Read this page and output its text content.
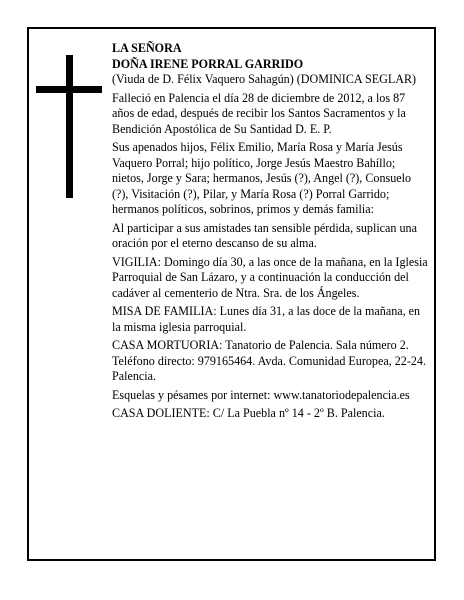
LA SEÑORA

DOÑA IRENE PORRAL GARRIDO

(Viuda de D. Félix Vaquero Sahagún) (DOMINICA SEGLAR)

Falleció en Palencia el día 28 de diciembre de 2012, a los 87 años de edad, después de recibir los Santos Sacramentos y la Bendición Apostólica de Su Santidad D. E. P.

Sus apenados hijos, Félix Emilio, María Rosa y María Jesús Vaquero Porral; hijo político, Jorge Jesús Maestro Bahíllo; nietos, Jorge y Sara; hermanos, Jesús (?), Angel (?), Consuelo (?), Visitación (?), Pilar, y María Rosa (?) Porral Garrido; hermanos políticos, sobrinos, primos y demás familia:

Al participar a sus amistades tan sensible pérdida, suplican una oración por el eterno descanso de su alma.

VIGILIA: Domingo día 30, a las once de la mañana, en la Iglesia Parroquial de San Lázaro, y a continuación la conducción del cadáver al cementerio de Ntra. Sra. de los Ángeles.

MISA DE FAMILIA: Lunes día 31, a las doce de la mañana, en la misma iglesia parroquial.

CASA MORTUORIA: Tanatorio de Palencia. Sala número 2. Teléfono directo: 979165464. Avda. Comunidad Europea, 22-24. Palencia.

Esquelas y pésames por internet: www.tanatoriodepalencia.es

CASA DOLIENTE: C/ La Puebla nº 14 - 2º B. Palencia.
